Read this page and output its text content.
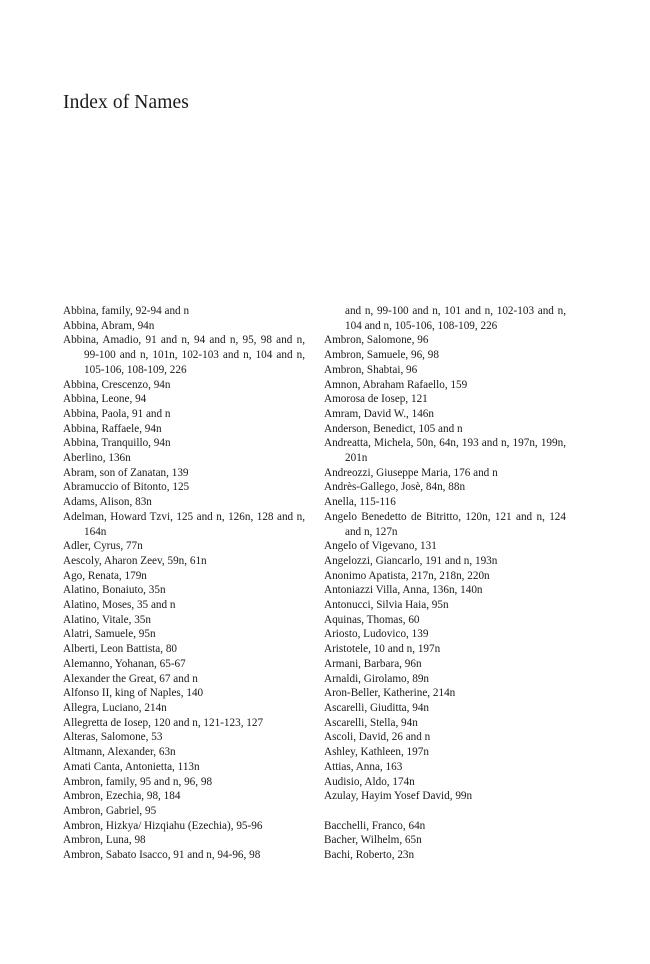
Index of Names

Abbina, family, 92-94 and n

Abbina, Abram, 94n

Abbina, Amadio, 91 and n, 94 and n, 95, 98 and n, 99-100 and n, 101n, 102-103 and n, 104 and n, 105-106, 108-109, 226

Abbina, Crescenzo, 94n

Abbina, Leone, 94

Abbina, Paola, 91 and n

Abbina, Raffaele, 94n

Abbina, Tranquillo, 94n

Aberlino, 136n

Abram, son of Zanatan, 139

Abramuccio of Bitonto, 125

Adams, Alison, 83n

Adelman, Howard Tzvi, 125 and n, 126n, 128 and n, 164n

Adler, Cyrus, 77n

Aescoly, Aharon Zeev, 59n, 61n

Ago, Renata, 179n

Alatino, Bonaiuto, 35n

Alatino, Moses, 35 and n

Alatino, Vitale, 35n

Alatri, Samuele, 95n

Alberti, Leon Battista, 80

Alemanno, Yohanan, 65-67

Alexander the Great, 67 and n

Alfonso II, king of Naples, 140

Allegra, Luciano, 214n

Allegretta de Iosep, 120 and n, 121-123, 127

Alteras, Salomone, 53

Altmann, Alexander, 63n

Amati Canta, Antonietta, 113n

Ambron, family, 95 and n, 96, 98

Ambron, Ezechia, 98, 184

Ambron, Gabriel, 95

Ambron, Hizkya/ Hizqiahu (Ezechia), 95-96

Ambron, Luna, 98

Ambron, Sabato Isacco, 91 and n, 94-96, 98

and n, 99-100 and n, 101 and n, 102-103 and n, 104 and n, 105-106, 108-109, 226

Ambron, Salomone, 96

Ambron, Samuele, 96, 98

Ambron, Shabtai, 96

Amnon, Abraham Rafaello, 159

Amorosa de Iosep, 121

Amram, David W., 146n

Anderson, Benedict, 105 and n

Andreatta, Michela, 50n, 64n, 193 and n, 197n, 199n, 201n

Andreozzi, Giuseppe Maria, 176 and n

Andrès-Gallego, Josè, 84n, 88n

Anella, 115-116

Angelo Benedetto de Bitritto, 120n, 121 and n, 124 and n, 127n

Angelo of Vigevano, 131

Angelozzi, Giancarlo, 191 and n, 193n

Anonimo Apatista, 217n, 218n, 220n

Antoniazzi Villa, Anna, 136n, 140n

Antonucci, Silvia Haia, 95n

Aquinas, Thomas, 60

Ariosto, Ludovico, 139

Aristotele, 10 and n, 197n

Armani, Barbara, 96n

Arnaldi, Girolamo, 89n

Aron-Beller, Katherine, 214n

Ascarelli, Giuditta, 94n

Ascarelli, Stella, 94n

Ascoli, David, 26 and n

Ashley, Kathleen, 197n

Attias, Anna, 163

Audisio, Aldo, 174n

Azulay, Hayim Yosef David, 99n

Bacchelli, Franco, 64n

Bacher, Wilhelm, 65n

Bachi, Roberto, 23n
